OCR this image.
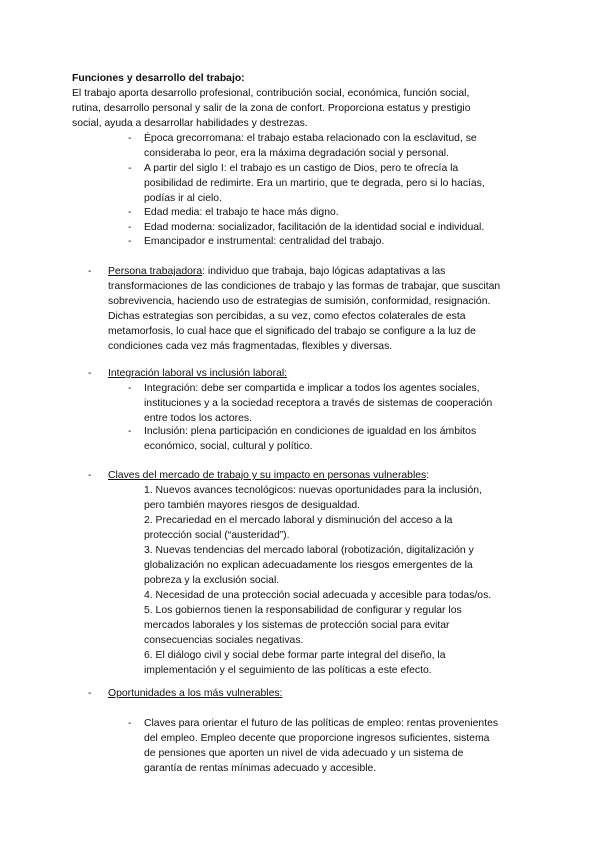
Funciones y desarrollo del trabajo:
El trabajo aporta desarrollo profesional, contribución social, económica, función social,
rutina, desarrollo personal y salir de la zona de confort. Proporciona estatus y prestigio
social, ayuda a desarrollar habilidades y destrezas.
- Época grecorromana: el trabajo estaba relacionado con la esclavitud, se
consideraba lo peor, era la máxima degradación social y personal.
- A partir del siglo I: el trabajo es un castigo de Dios, pero te ofrecía la
posibilidad de redimirte. Era un martirio, que te degrada, pero si lo hacías,
podías ir al cielo.
- Edad media: el trabajo te hace más digno.
- Edad moderna: socializador, facilitación de la identidad social e individual.
- Emancipador e instrumental: centralidad del trabajo.
- Persona trabajadora: individuo que trabaja, bajo lógicas adaptativas a las
transformaciones de las condiciones de trabajo y las formas de trabajar, que suscitan
sobrevivencia, haciendo uso de estrategias de sumisión, conformidad, resignación.
Dichas estrategias son percibidas, a su vez, como efectos colaterales de esta
metamorfosis, lo cual hace que el significado del trabajo se configure a la luz de
condiciones cada vez más fragmentadas, flexibles y diversas.
- Integración laboral vs inclusión laboral:
- Integración: debe ser compartida e implicar a todos los agentes sociales,
instituciones y a la sociedad receptora a través de sistemas de cooperación
entre todos los actores.
- Inclusión: plena participación en condiciones de igualdad en los ámbitos
económico, social, cultural y político.
- Claves del mercado de trabajo y su impacto en personas vulnerables:
1. Nuevos avances tecnológicos: nuevas oportunidades para la inclusión,
pero también mayores riesgos de desigualdad.
2. Precariedad en el mercado laboral y disminución del acceso a la
protección social (“austeridad”).
3. Nuevas tendencias del mercado laboral (robotización, digitalización y
globalización no explican adecuadamente los riesgos emergentes de la
pobreza y la exclusión social.
4. Necesidad de una protección social adecuada y accesible para todas/os.
5. Los gobiernos tienen la responsabilidad de configurar y regular los
mercados laborales y los sistemas de protección social para evitar
consecuencias sociales negativas.
6. El diálogo civil y social debe formar parte integral del diseño, la
implementación y el seguimiento de las políticas a este efecto.
- Oportunidades a los más vulnerables:
- Claves para orientar el futuro de las políticas de empleo: rentas provenientes
del empleo. Empleo decente que proporcione ingresos suficientes, sistema
de pensiones que aporten un nivel de vida adecuado y un sistema de
garantía de rentas mínimas adecuado y accesible.
